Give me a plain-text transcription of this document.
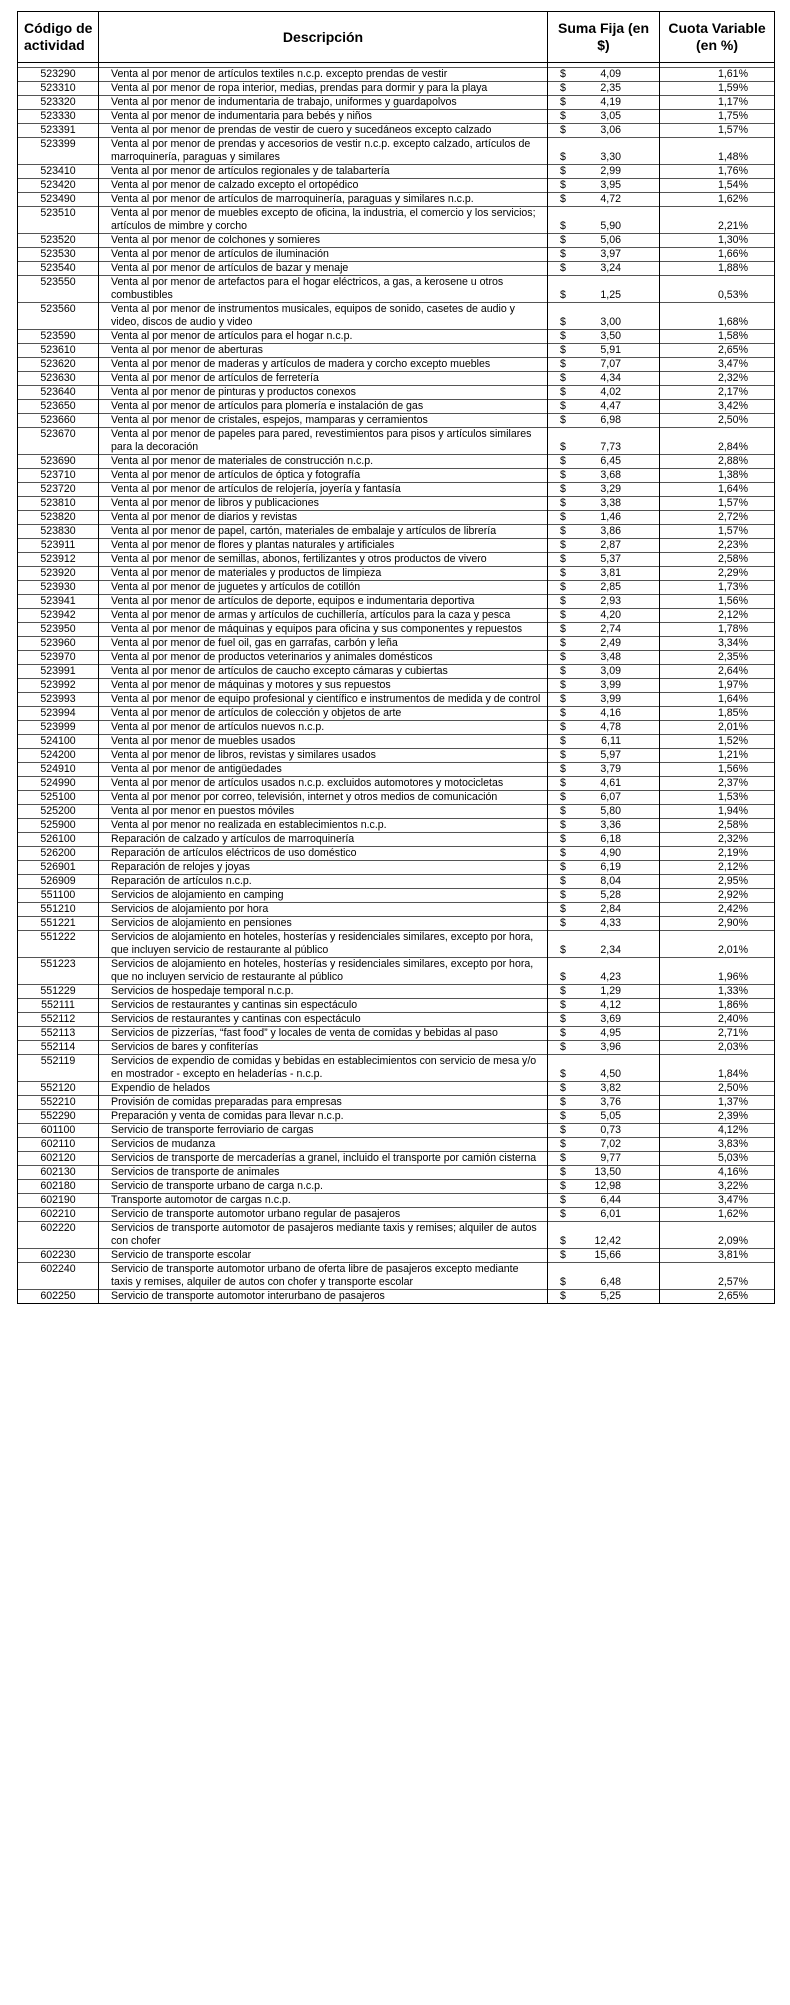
Código de actividad	Descripción	Suma Fija (en $)	Cuota Variable (en %)

523290	Venta al por menor de artículos textiles n.c.p. excepto prendas de vestir	$ 4,09	1,61%
523310	Venta al por menor de ropa interior, medias, prendas para dormir y para la playa	$ 2,35	1,59%
523320	Venta al por menor de indumentaria de trabajo, uniformes y guardapolvos	$ 4,19	1,17%
523330	Venta al por menor de indumentaria para bebés y niños	$ 3,05	1,75%
523391	Venta al por menor de prendas de vestir de cuero y sucedáneos excepto calzado	$ 3,06	1,57%
523399	Venta al por menor de prendas y accesorios de vestir n.c.p. excepto calzado, artículos de marroquinería, paraguas y similares	$ 3,30	1,48%
523410	Venta al por menor de artículos regionales y de talabartería	$ 2,99	1,76%
523420	Venta al por menor de calzado excepto el ortopédico	$ 3,95	1,54%
523490	Venta al por menor de artículos de marroquinería, paraguas y similares n.c.p.	$ 4,72	1,62%
523510	Venta al por menor de muebles excepto de oficina, la industria, el comercio y los servicios; artículos de mimbre y corcho	$ 5,90	2,21%
523520	Venta al por menor de colchones y somieres	$ 5,06	1,30%
523530	Venta al por menor de artículos de iluminación	$ 3,97	1,66%
523540	Venta al por menor de artículos de bazar y menaje	$ 3,24	1,88%
523550	Venta al por menor de artefactos para el hogar eléctricos, a gas, a kerosene u otros combustibles	$ 1,25	0,53%
523560	Venta al por menor de instrumentos musicales, equipos de sonido, casetes de audio y video, discos de audio y video	$ 3,00	1,68%
523590	Venta al por menor de artículos para el hogar n.c.p.	$ 3,50	1,58%
523610	Venta al por menor de aberturas	$ 5,91	2,65%
523620	Venta al por menor de maderas y artículos de madera y corcho excepto muebles	$ 7,07	3,47%
523630	Venta al por menor de artículos de ferretería	$ 4,34	2,32%
523640	Venta al por menor de pinturas y productos conexos	$ 4,02	2,17%
523650	Venta al por menor de artículos para plomería e instalación de gas	$ 4,47	3,42%
523660	Venta al por menor de cristales, espejos, mamparas y cerramientos	$ 6,98	2,50%
523670	Venta al por menor de papeles para pared, revestimientos para pisos y artículos similares para la decoración	$ 7,73	2,84%
523690	Venta al por menor de materiales de construcción n.c.p.	$ 6,45	2,88%
523710	Venta al por menor de artículos de óptica y fotografía	$ 3,68	1,38%
523720	Venta al por menor de artículos de relojería, joyería y fantasía	$ 3,29	1,64%
523810	Venta al por menor de libros y publicaciones	$ 3,38	1,57%
523820	Venta al por menor de diarios y revistas	$ 1,46	2,72%
523830	Venta al por menor de papel, cartón, materiales de embalaje y artículos de librería	$ 3,86	1,57%
523911	Venta al por menor de flores y plantas naturales y artificiales	$ 2,87	2,23%
523912	Venta al por menor de semillas, abonos, fertilizantes y otros productos de vivero	$ 5,37	2,58%
523920	Venta al por menor de materiales y productos de limpieza	$ 3,81	2,29%
523930	Venta al por menor de juguetes y artículos de cotillón	$ 2,85	1,73%
523941	Venta al por menor de artículos de deporte, equipos e indumentaria deportiva	$ 2,93	1,56%
523942	Venta al por menor de armas y artículos de cuchillería, artículos para la caza y pesca	$ 4,20	2,12%
523950	Venta al por menor de máquinas y equipos para oficina y sus componentes y repuestos	$ 2,74	1,78%
523960	Venta al por menor de fuel oil, gas en garrafas, carbón y leña	$ 2,49	3,34%
523970	Venta al por menor de productos veterinarios y animales domésticos	$ 3,48	2,35%
523991	Venta al por menor de artículos de caucho excepto cámaras y cubiertas	$ 3,09	2,64%
523992	Venta al por menor de máquinas y motores y sus repuestos	$ 3,99	1,97%
523993	Venta al por menor de equipo profesional y científico e instrumentos de medida y de control	$ 3,99	1,64%
523994	Venta al por menor de artículos de colección y objetos de arte	$ 4,16	1,85%
523999	Venta al por menor de artículos nuevos n.c.p.	$ 4,78	2,01%
524100	Venta al por menor de muebles usados	$ 6,11	1,52%
524200	Venta al por menor de libros, revistas y similares usados	$ 5,97	1,21%
524910	Venta al por menor de antigüedades	$ 3,79	1,56%
524990	Venta al por menor de artículos usados n.c.p. excluidos automotores y motocicletas	$ 4,61	2,37%
525100	Venta al por menor por correo, televisión, internet y otros medios de comunicación	$ 6,07	1,53%
525200	Venta al por menor en puestos móviles	$ 5,80	1,94%
525900	Venta al por menor no realizada en establecimientos n.c.p.	$ 3,36	2,58%
526100	Reparación de calzado y artículos de marroquinería	$ 6,18	2,32%
526200	Reparación de artículos eléctricos de uso doméstico	$ 4,90	2,19%
526901	Reparación de relojes y joyas	$ 6,19	2,12%
526909	Reparación de artículos n.c.p.	$ 8,04	2,95%
551100	Servicios de alojamiento en camping	$ 5,28	2,92%
551210	Servicios de alojamiento por hora	$ 2,84	2,42%
551221	Servicios de alojamiento en pensiones	$ 4,33	2,90%
551222	Servicios de alojamiento en hoteles, hosterías y residenciales similares, excepto por hora, que incluyen servicio de restaurante al público	$ 2,34	2,01%
551223	Servicios de alojamiento en hoteles, hosterías y residenciales similares, excepto por hora, que no incluyen servicio de restaurante al público	$ 4,23	1,96%
551229	Servicios de hospedaje temporal n.c.p.	$ 1,29	1,33%
552111	Servicios de restaurantes y cantinas sin espectáculo	$ 4,12	1,86%
552112	Servicios de restaurantes y cantinas con espectáculo	$ 3,69	2,40%
552113	Servicios de pizzerías, “fast food” y locales de venta de comidas y bebidas al paso	$ 4,95	2,71%
552114	Servicios de bares y confiterías	$ 3,96	2,03%
552119	Servicios de expendio de comidas y bebidas en establecimientos con servicio de mesa y/o en mostrador - excepto en heladerías - n.c.p.	$ 4,50	1,84%
552120	Expendio de helados	$ 3,82	2,50%
552210	Provisión de comidas preparadas para empresas	$ 3,76	1,37%
552290	Preparación y venta de comidas para llevar n.c.p.	$ 5,05	2,39%
601100	Servicio de transporte ferroviario de cargas	$ 0,73	4,12%
602110	Servicios de mudanza	$ 7,02	3,83%
602120	Servicios de transporte de mercaderías a granel, incluido el transporte por camión cisterna	$ 9,77	5,03%
602130	Servicios de transporte de animales	$ 13,50	4,16%
602180	Servicio de transporte urbano de carga n.c.p.	$ 12,98	3,22%
602190	Transporte automotor de cargas n.c.p.	$ 6,44	3,47%
602210	Servicio de transporte automotor urbano regular de pasajeros	$ 6,01	1,62%
602220	Servicios de transporte automotor de pasajeros mediante taxis y remises; alquiler de autos con chofer	$ 12,42	2,09%
602230	Servicio de transporte escolar	$ 15,66	3,81%
602240	Servicio de transporte automotor urbano de oferta libre de pasajeros excepto mediante taxis y remises, alquiler de autos con chofer y transporte escolar	$ 6,48	2,57%
602250	Servicio de transporte automotor interurbano de pasajeros	$ 5,25	2,65%
